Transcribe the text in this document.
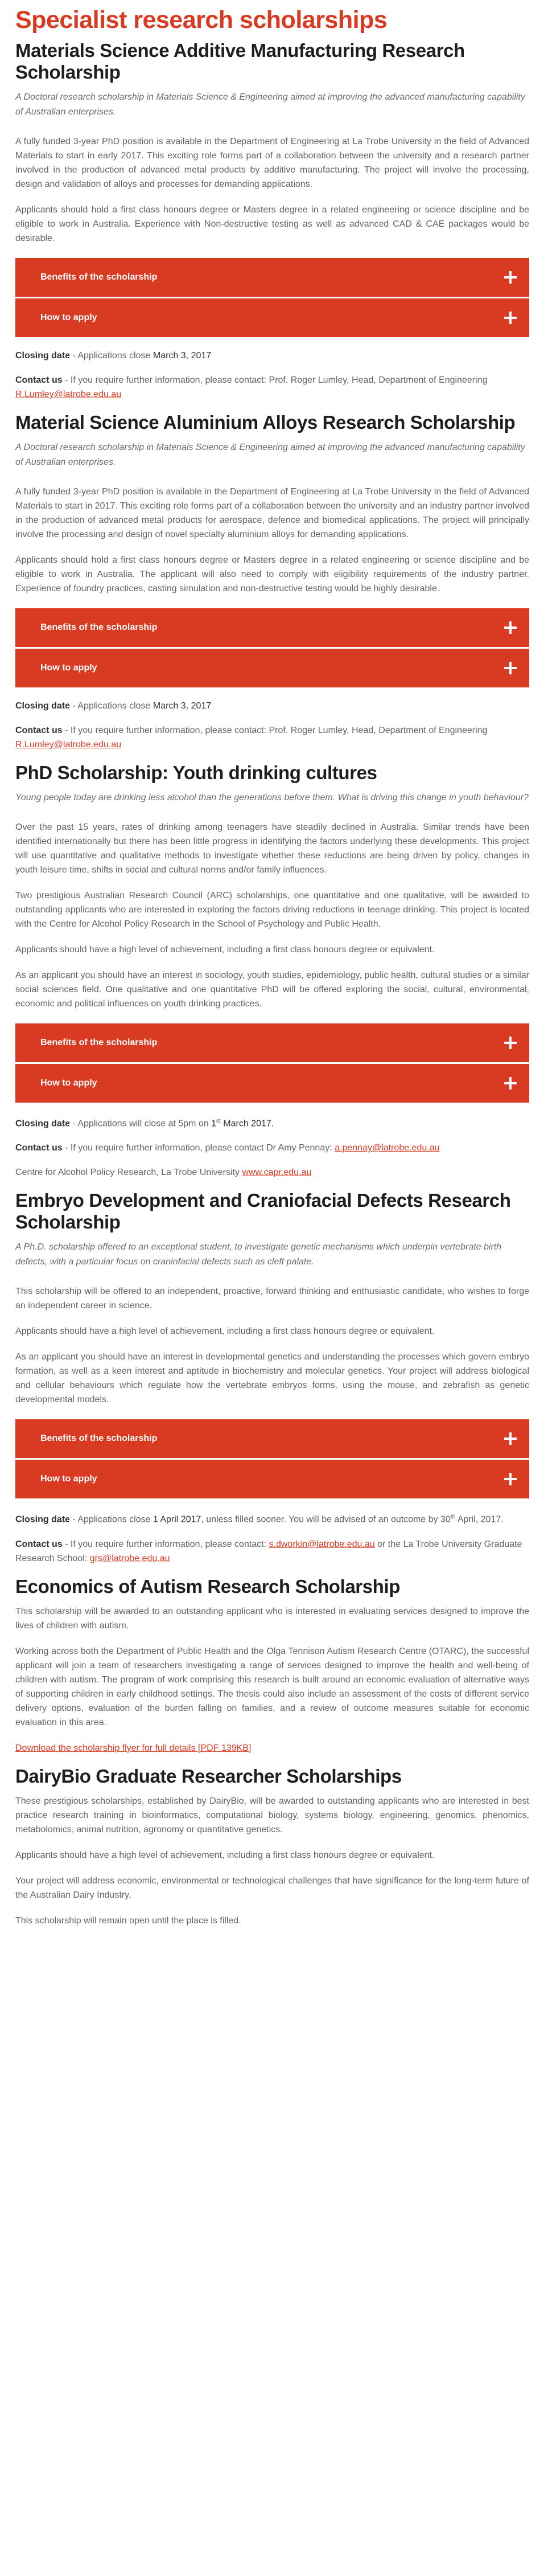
Specialist research scholarships
Materials Science Additive Manufacturing Research Scholarship

A Doctoral research scholarship in Materials Science & Engineering aimed at improving the advanced manufacturing capability of Australian enterprises.

A fully funded 3-year PhD position is available in the Department of Engineering at La Trobe University in the field of Advanced Materials to start in early 2017. This exciting role forms part of a collaboration between the university and a research partner involved in the production of advanced metal products by additive manufacturing. The project will involve the processing, design and validation of alloys and processes for demanding applications.

Applicants should hold a first class honours degree or Masters degree in a related engineering or science discipline and be eligible to work in Australia. Experience with Non-destructive testing as well as advanced CAD & CAE packages would be desirable.

Benefits of the scholarship
How to apply

Closing date - Applications close March 3, 2017

Contact us - If you require further information, please contact: Prof. Roger Lumley, Head, Department of Engineering
R.Lumley@latrobe.edu.au

Material Science Aluminium Alloys Research Scholarship

A Doctoral research scholarship in Materials Science & Engineering aimed at improving the advanced manufacturing capability of Australian enterprises.

A fully funded 3-year PhD position is available in the Department of Engineering at La Trobe University in the field of Advanced Materials to start in 2017. This exciting role forms part of a collaboration between the university and an industry partner involved in the production of advanced metal products for aerospace, defence and biomedical applications. The project will principally involve the processing and design of novel specialty aluminium alloys for demanding applications.

Applicants should hold a first class honours degree or Masters degree in a related engineering or science discipline and be eligible to work in Australia. The applicant will also need to comply with eligibility requirements of the industry partner. Experience of foundry practices, casting simulation and non-destructive testing would be highly desirable.

Benefits of the scholarship
How to apply

Closing date - Applications close March 3, 2017

Contact us - If you require further information, please contact: Prof. Roger Lumley, Head, Department of Engineering
R.Lumley@latrobe.edu.au

PhD Scholarship: Youth drinking cultures

Young people today are drinking less alcohol than the generations before them. What is driving this change in youth behaviour?

Over the past 15 years, rates of drinking among teenagers have steadily declined in Australia. Similar trends have been identified internationally but there has been little progress in identifying the factors underlying these developments. This project will use quantitative and qualitative methods to investigate whether these reductions are being driven by policy, changes in youth leisure time, shifts in social and cultural norms and/or family influences.

Two prestigious Australian Research Council (ARC) scholarships, one quantitative and one qualitative, will be awarded to outstanding applicants who are interested in exploring the factors driving reductions in teenage drinking. This project is located with the Centre for Alcohol Policy Research in the School of Psychology and Public Health.

Applicants should have a high level of achievement, including a first class honours degree or equivalent.

As an applicant you should have an interest in sociology, youth studies, epidemiology, public health, cultural studies or a similar social sciences field. One qualitative and one quantitative PhD will be offered exploring the social, cultural, environmental, economic and political influences on youth drinking practices.

Benefits of the scholarship
How to apply

Closing date - Applications will close at 5pm on 1st March 2017.

Contact us - If you require further information, please contact Dr Amy Pennay: a.pennay@latrobe.edu.au

Centre for Alcohol Policy Research, La Trobe University www.capr.edu.au

Embryo Development and Craniofacial Defects Research Scholarship

A Ph.D. scholarship offered to an exceptional student, to investigate genetic mechanisms which underpin vertebrate birth defects, with a particular focus on craniofacial defects such as cleft palate.

This scholarship will be offered to an independent, proactive, forward thinking and enthusiastic candidate, who wishes to forge an independent career in science.

Applicants should have a high level of achievement, including a first class honours degree or equivalent.

As an applicant you should have an interest in developmental genetics and understanding the processes which govern embryo formation, as well as a keen interest and aptitude in biochemistry and molecular genetics. Your project will address biological and cellular behaviours which regulate how the vertebrate embryos forms, using the mouse, and zebrafish as genetic developmental models.

Benefits of the scholarship
How to apply

Closing date - Applications close 1 April 2017, unless filled sooner. You will be advised of an outcome by 30th April, 2017.

Contact us - If you require further information, please contact: s.dworkin@latrobe.edu.au or the La Trobe University Graduate Research School: grs@latrobe.edu.au

Economics of Autism Research Scholarship

This scholarship will be awarded to an outstanding applicant who is interested in evaluating services designed to improve the lives of children with autism.

Working across both the Department of Public Health and the Olga Tennison Autism Research Centre (OTARC), the successful applicant will join a team of researchers investigating a range of services designed to improve the health and well-being of children with autism. The program of work comprising this research is built around an economic evaluation of alternative ways of supporting children in early childhood settings. The thesis could also include an assessment of the costs of different service delivery options, evaluation of the burden falling on families, and a review of outcome measures suitable for economic evaluation in this area.

Download the scholarship flyer for full details [PDF 139KB]

DairyBio Graduate Researcher Scholarships

These prestigious scholarships, established by DairyBio, will be awarded to outstanding applicants who are interested in best practice research training in bioinformatics, computational biology, systems biology, engineering, genomics, phenomics, metabolomics, animal nutrition, agronomy or quantitative genetics.

Applicants should have a high level of achievement, including a first class honours degree or equivalent.

Your project will address economic, environmental or technological challenges that have significance for the long-term future of the Australian Dairy Industry.

This scholarship will remain open until the place is filled.
